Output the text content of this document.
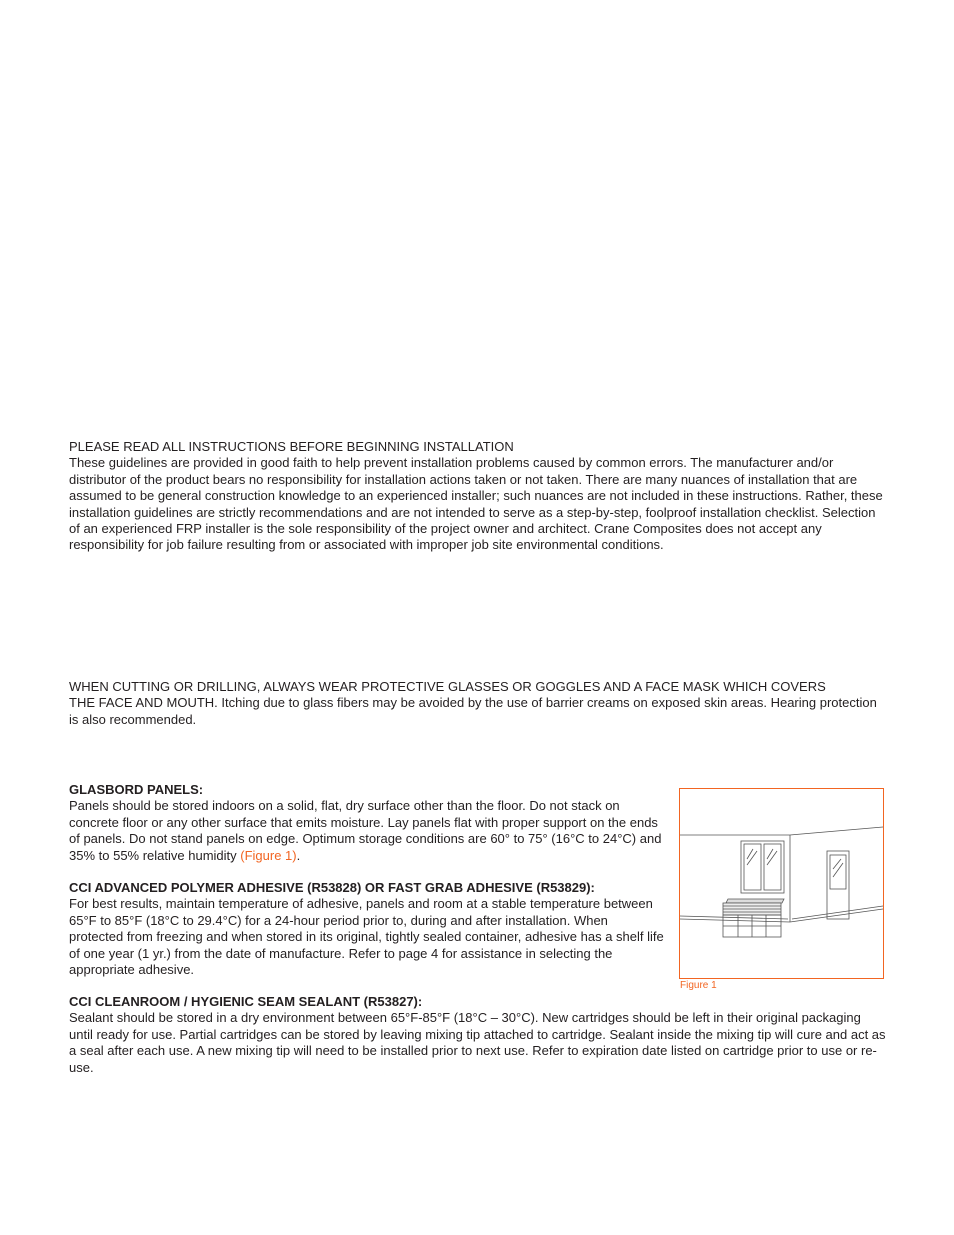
PLEASE READ ALL INSTRUCTIONS BEFORE BEGINNING INSTALLATION

These guidelines are provided in good faith to help prevent installation problems caused by common errors. The manufacturer and/or distributor of the product bears no responsibility for installation actions taken or not taken. There are many nuances of installation that are assumed to be general construction knowledge to an experienced installer; such nuances are not included in these instructions. Rather, these installation guidelines are strictly recommendations and are not intended to serve as a step-by-step, foolproof installation checklist. Selection of an experienced FRP installer is the sole responsibility of the project owner and architect. Crane Composites does not accept any responsibility for job failure resulting from or associated with improper job site environmental conditions.

WHEN CUTTING OR DRILLING, ALWAYS WEAR PROTECTIVE GLASSES OR GOGGLES AND A FACE MASK WHICH COVERS

THE FACE AND MOUTH. Itching due to glass fibers may be avoided by the use of barrier creams on exposed skin areas. Hearing protection is also recommended.

GLASBORD PANELS:

Panels should be stored indoors on a solid, flat, dry surface other than the floor. Do not stack on concrete floor or any other surface that emits moisture. Lay panels flat with proper support on the ends of panels. Do not stand panels on edge. Optimum storage conditions are 60° to 75° (16°C to 24°C) and 35% to 55% relative humidity (Figure 1).

CCI ADVANCED POLYMER ADHESIVE (R53828) OR FAST GRAB ADHESIVE (R53829):

For best results, maintain temperature of adhesive, panels and room at a stable temperature between 65°F to 85°F (18°C to 29.4°C) for a 24-hour period prior to, during and after installation. When protected from freezing and when stored in its original, tightly sealed container, adhesive has a shelf life of one year (1 yr.) from the date of manufacture. Refer to page 4 for assistance in selecting the appropriate adhesive.

CCI CLEANROOM / HYGIENIC SEAM SEALANT (R53827):

Sealant should be stored in a dry environment between 65°F-85°F (18°C – 30°C). New cartridges should be left in their original packaging until ready for use. Partial cartridges can be stored by leaving mixing tip attached to cartridge. Sealant inside the mixing tip will cure and act as a seal after each use. A new mixing tip will need to be installed prior to next use. Refer to expiration date listed on cartridge prior to use or re-use.

Figure 1
